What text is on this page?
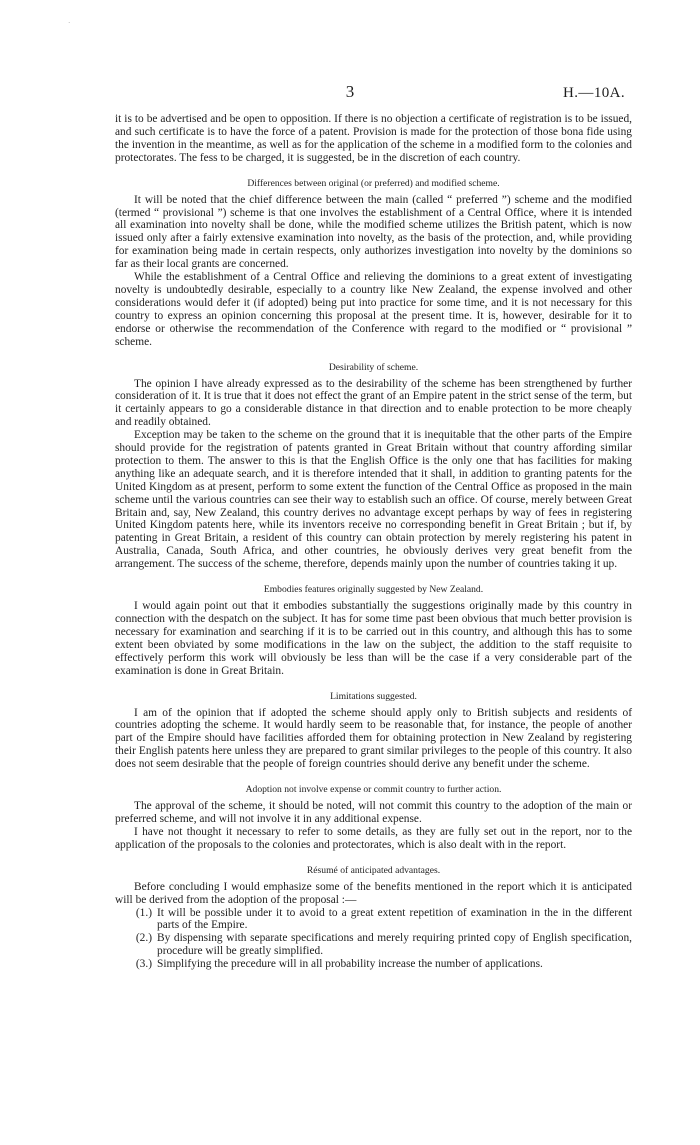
·
3	H.—10A.

it is to be advertised and be open to opposition. If there is no objection a certificate of registration is to be issued, and such certificate is to have the force of a patent. Provision is made for the protection of those bona fide using the invention in the meantime, as well as for the application of the scheme in a modified form to the colonies and protectorates. The fess to be charged, it is suggested, be in the discretion of each country.

Differences between original (or preferred) and modified scheme.

It will be noted that the chief difference between the main (called “ preferred ”) scheme and the modified (termed “ provisional ”) scheme is that one involves the establishment of a Central Office, where it is intended all examination into novelty shall be done, while the modified scheme utilizes the British patent, which is now issued only after a fairly extensive examination into novelty, as the basis of the protection, and, while providing for examination being made in certain respects, only authorizes investigation into novelty by the dominions so far as their local grants are concerned.

While the establishment of a Central Office and relieving the dominions to a great extent of investigating novelty is undoubtedly desirable, especially to a country like New Zealand, the expense involved and other considerations would defer it (if adopted) being put into practice for some time, and it is not necessary for this country to express an opinion concerning this proposal at the present time. It is, however, desirable for it to endorse or otherwise the recommendation of the Conference with regard to the modified or “ provisional ” scheme.

Desirability of scheme.

The opinion I have already expressed as to the desirability of the scheme has been strengthened by further consideration of it. It is true that it does not effect the grant of an Empire patent in the strict sense of the term, but it certainly appears to go a considerable distance in that direction and to enable protection to be more cheaply and readily obtained.

Exception may be taken to the scheme on the ground that it is inequitable that the other parts of the Empire should provide for the registration of patents granted in Great Britain without that country affording similar protection to them. The answer to this is that the English Office is the only one that has facilities for making anything like an adequate search, and it is therefore intended that it shall, in addition to granting patents for the United Kingdom as at present, perform to some extent the function of the Central Office as proposed in the main scheme until the various countries can see their way to establish such an office. Of course, merely between Great Britain and, say, New Zealand, this country derives no advantage except perhaps by way of fees in registering United Kingdom patents here, while its inventors receive no corresponding benefit in Great Britain ; but if, by patenting in Great Britain, a resident of this country can obtain protection by merely registering his patent in Australia, Canada, South Africa, and other countries, he obviously derives very great benefit from the arrangement. The success of the scheme, therefore, depends mainly upon the number of countries taking it up.

Embodies features originally suggested by New Zealand.

I would again point out that it embodies substantially the suggestions originally made by this country in connection with the despatch on the subject. It has for some time past been obvious that much better provision is necessary for examination and searching if it is to be carried out in this country, and although this has to some extent been obviated by some modifications in the law on the subject, the addition to the staff requisite to effectively perform this work will obviously be less than will be the case if a very considerable part of the examination is done in Great Britain.

Limitations suggested.

I am of the opinion that if adopted the scheme should apply only to British subjects and residents of countries adopting the scheme. It would hardly seem to be reasonable that, for instance, the people of another part of the Empire should have facilities afforded them for obtaining protection in New Zealand by registering their English patents here unless they are prepared to grant similar privileges to the people of this country. It also does not seem desirable that the people of foreign countries should derive any benefit under the scheme.

Adoption not involve expense or commit country to further action.

The approval of the scheme, it should be noted, will not commit this country to the adoption of the main or preferred scheme, and will not involve it in any additional expense.

I have not thought it necessary to refer to some details, as they are fully set out in the report, nor to the application of the proposals to the colonies and protectorates, which is also dealt with in the report.

Résumé of anticipated advantages.

Before concluding I would emphasize some of the benefits mentioned in the report which it is anticipated will be derived from the adoption of the proposal :—

(1.) It will be possible under it to avoid to a great extent repetition of examination in the in the different parts of the Empire.
(2.) By dispensing with separate specifications and merely requiring printed copy of English specification, procedure will be greatly simplified.
(3.) Simplifying the precedure will in all probability increase the number of applications.
